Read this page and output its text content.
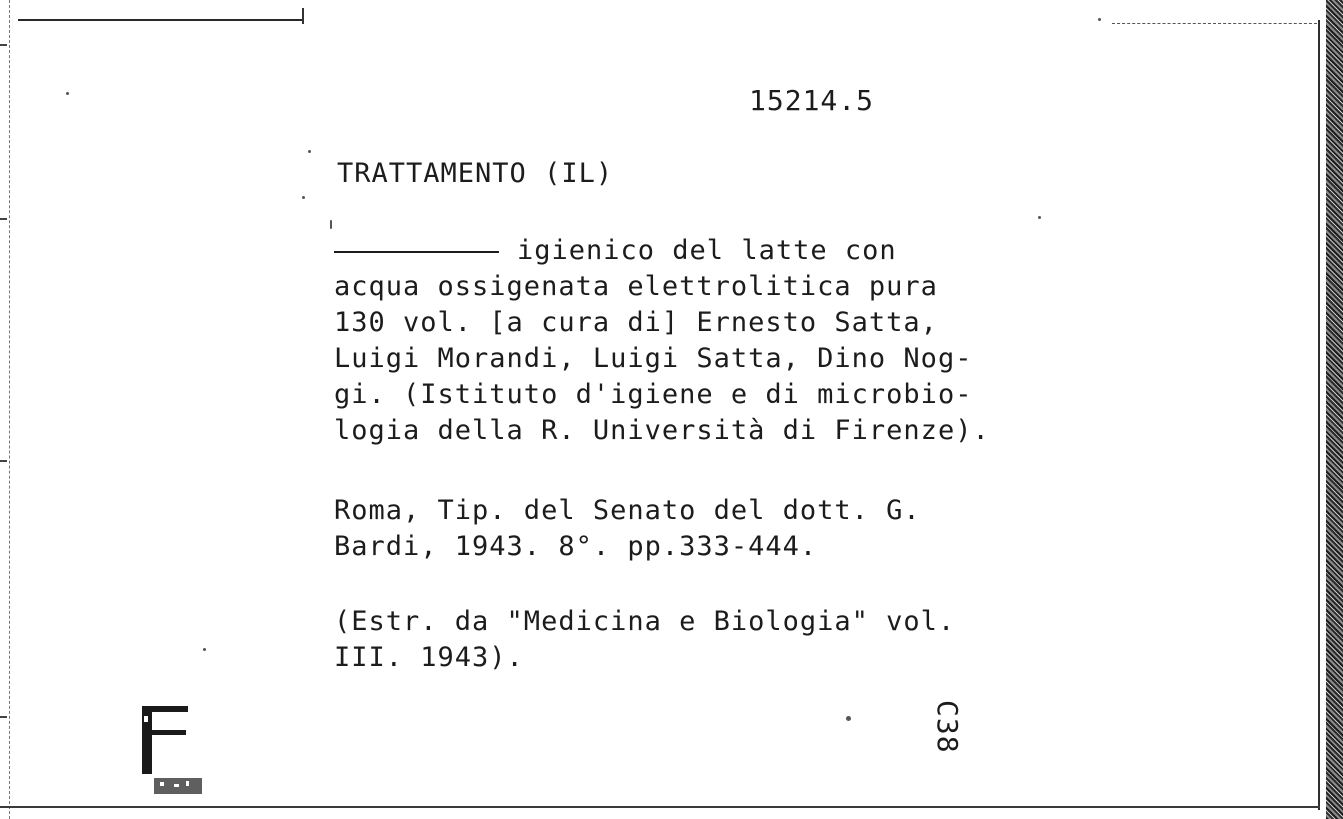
15214.5
TRATTAMENTO (IL)
igienico del latte con
acqua ossigenata elettrolitica pura
130 vol. [a cura di] Ernesto Satta,
Luigi Morandi, Luigi Satta, Dino Nog-
gi. (Istituto d'igiene e di microbio-
logia della R. Università di Firenze).
Roma, Tip. del Senato del dott. G.
Bardi, 1943. 8°. pp.333-444.
(Estr. da "Medicina e Biologia" vol.
III. 1943).
C38
